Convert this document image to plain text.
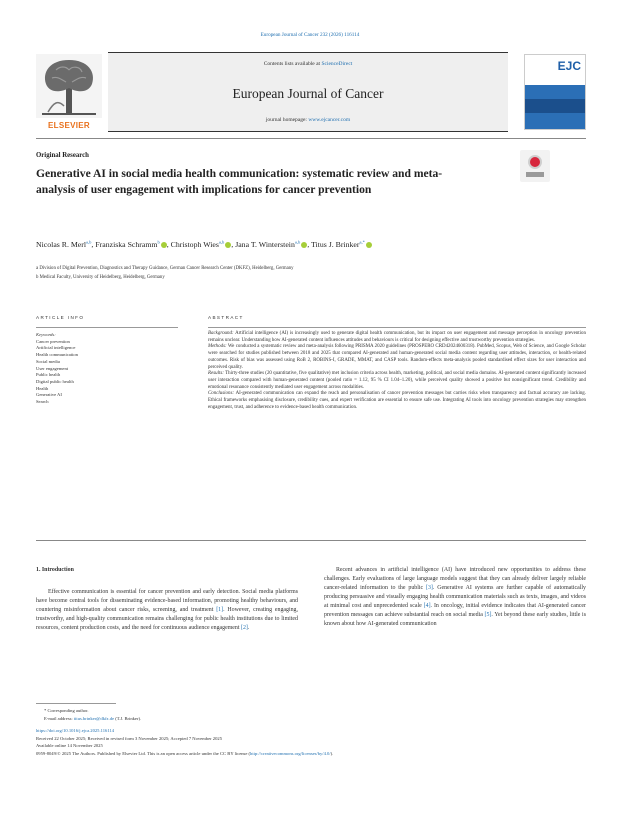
European Journal of Cancer 232 (2026) 116114
ELSEVIER
Contents lists available at ScienceDirect
European Journal of Cancer
journal homepage: www.ejcancer.com
EJC
Original Research
Generative AI in social media health communication: systematic review and meta-analysis of user engagement with implications for cancer prevention
Nicolas R. Merl$^{a,b}$, Franziska Schramm$^b$ , Christoph Wies$^{a,b}$ , Jana T. Winterstein$^{a,b}$ , Titus J. Brinker$^{a,*}$
a Division of Digital Prevention, Diagnostics and Therapy Guidance, German Cancer Research Center (DKFZ), Heidelberg, Germany
b Medical Faculty, University of Heidelberg, Heidelberg, Germany
ARTICLE INFO	ABSTRACT
Keywords:
Cancer prevention
Artificial intelligence
Health communication
Social media
User engagement
Public health
Digital public health
Health
Generative AI
Search

Background: Artificial intelligence (AI) is increasingly used to generate digital health communication, but its impact on user engagement and message perception in oncology prevention remains unclear. Understanding how AI-generated content influences attitudes and behaviours is critical for designing effective and trustworthy prevention strategies.

Methods: We conducted a systematic review and meta-analysis following PRISMA 2020 guidelines (PROSPERO CRD42024600318). PubMed, Scopus, Web of Science, and Google Scholar were searched for studies published between 2018 and 2025 that compared AI-generated and human-generated social media content regarding user attitudes, interaction, or health-related outcomes. Risk of bias was assessed using RoB 2, ROBINS-I, GRADE, MMAT, and CASP tools. Random-effects meta-analysis pooled standardised effect sizes for user interaction and perceived quality.

Results: Thirty-three studies (20 quantitative, five qualitative) met inclusion criteria across health, marketing, political, and social media domains. AI-generated content significantly increased user interaction compared with human-generated content (pooled ratio = 1.12, 95 % CI 1.04–1.20), while perceived quality showed a positive but nonsignificant trend. Credibility and emotional resonance consistently mediated user engagement across modalities.

Conclusions: AI-generated communication can expand the reach and personalisation of cancer prevention messages but carries risks when transparency and factual accuracy are lacking. Ethical frameworks emphasising disclosure, credibility cues, and expert verification are essential to ensure safe use. Integrating AI tools into oncology prevention strategies may strengthen engagement, trust, and adherence to evidence-based health communication.

1. Introduction

Effective communication is essential for cancer prevention and early detection. Social media platforms have become central tools for disseminating evidence-based information, promoting healthy behaviours, and countering misinformation about cancer risks, screening, and treatment [1]. However, creating engaging, trustworthy, and high-quality communication remains challenging for public health institutions due to limited resources, content production costs, and the need for continuous audience engagement [2].

Recent advances in artificial intelligence (AI) have introduced new opportunities to address these challenges. Early evaluations of large language models suggest that they can already deliver largely reliable cancer-related information to the public [3]. Generative AI systems are further capable of automatically producing persuasive and visually engaging health communication materials such as texts, images, and videos at minimal cost and unprecedented scale [4]. In oncology, initial evidence indicates that AI-generated cancer prevention messages can achieve substantial reach on social media [5]. Yet beyond these early studies, little is known about how AI-generated communication

* Corresponding author.
E-mail address: titus.brinker@dkfz.de (T.J. Brinker).
https://doi.org/10.1016/j.ejca.2025.116114
Received 22 October 2025; Received in revised form 3 November 2025; Accepted 7 November 2025
Available online 14 November 2025
0959-8049/© 2025 The Authors. Published by Elsevier Ltd. This is an open access article under the CC BY license (http://creativecommons.org/licenses/by/4.0/).
